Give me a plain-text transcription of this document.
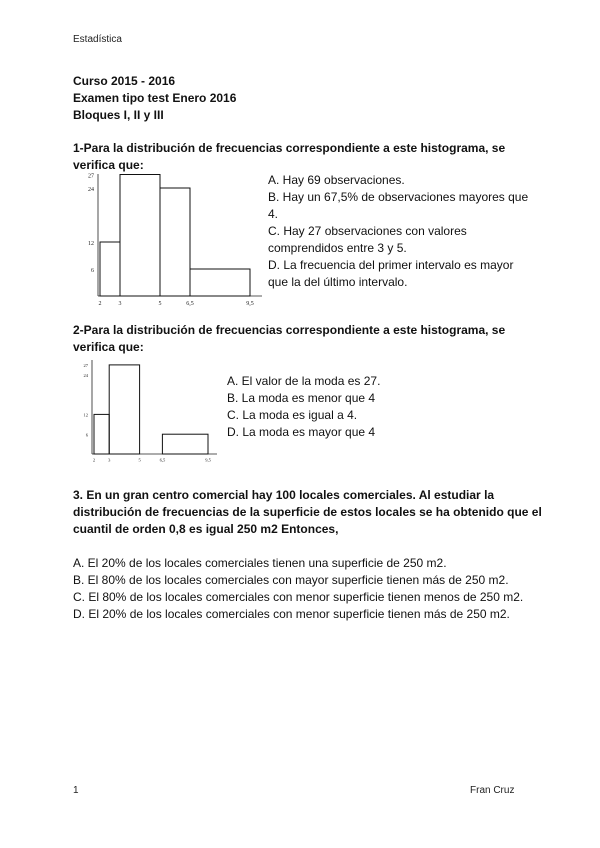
Estadística
Curso 2015 - 2016
Examen tipo test Enero 2016
Bloques I, II y III
1-Para la distribución de frecuencias correspondiente a este histograma, se
verifica que:
2	3	5	6,5	9,5
27
24
12
6
A. Hay 69 observaciones.
B. Hay un 67,5% de observaciones mayores que
4.
C. Hay 27 observaciones con valores
comprendidos entre 3 y 5.
D. La frecuencia del primer intervalo es mayor
que la del último intervalo.
2-Para la distribución de frecuencias correspondiente a este histograma, se
verifica que:
2	3	5	6,5	9,5
27
24
12
6
A. El valor de la moda es 27.
B. La moda es menor que 4
C. La moda es igual a 4.
D. La moda es mayor que 4
3. En un gran centro comercial hay 100 locales comerciales. Al estudiar la
distribución de frecuencias de la superficie de estos locales se ha obtenido que el
cuantil de orden 0,8 es igual 250 m2 Entonces,
A. El 20% de los locales comerciales tienen una superficie de 250 m2.
B. El 80% de los locales comerciales con mayor superficie tienen más de 250 m2.
C. El 80% de los locales comerciales con menor superficie tienen menos de 250 m2.
D. El 20% de los locales comerciales con menor superficie tienen más de 250 m2.
1	Fran Cruz
